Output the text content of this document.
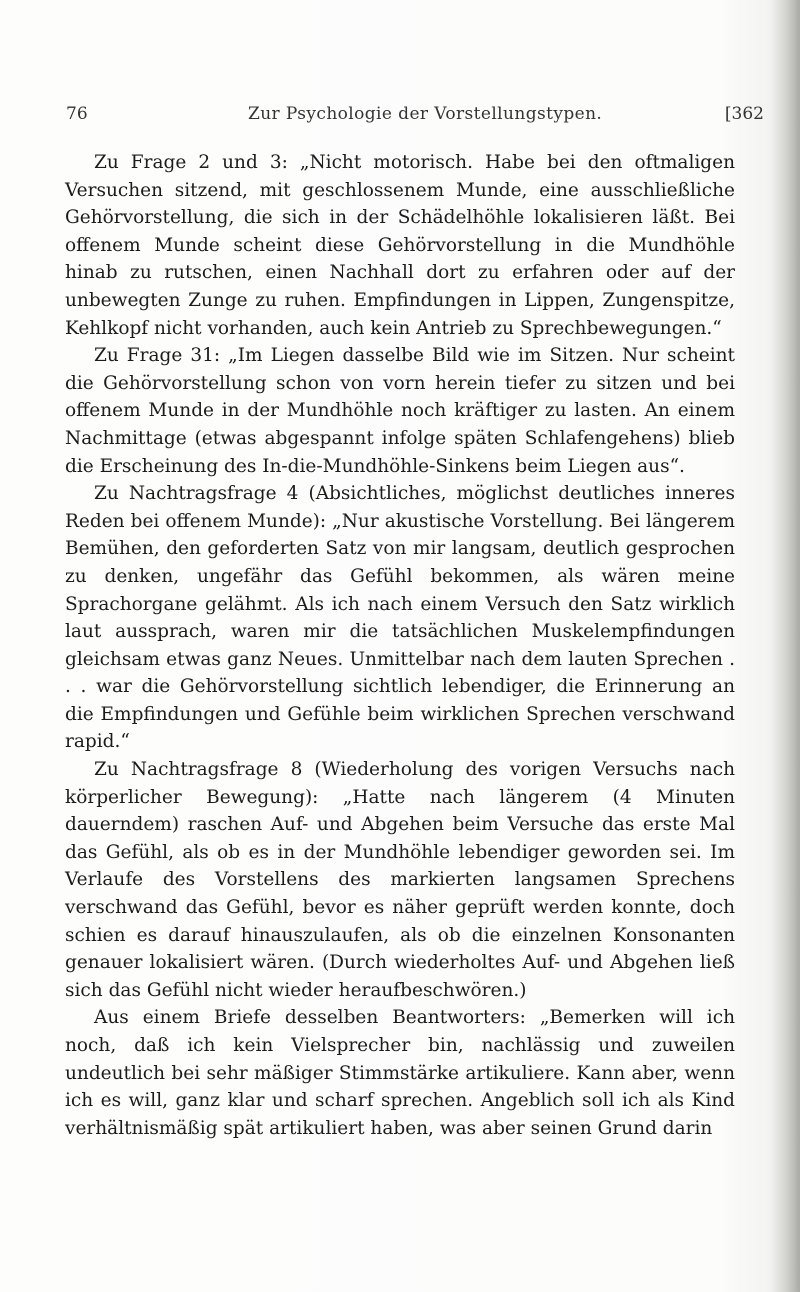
76	Zur Psychologie der Vorstellungstypen.	[362

Zu Frage 2 und 3: „Nicht motorisch. Habe bei den oftmaligen Versuchen sitzend, mit geschlossenem Munde, eine ausschließliche Gehörvorstellung, die sich in der Schädelhöhle lokalisieren läßt. Bei offenem Munde scheint diese Gehörvorstellung in die Mundhöhle hinab zu rutschen, einen Nachhall dort zu erfahren oder auf der unbewegten Zunge zu ruhen. Empfindungen in Lippen, Zungenspitze, Kehlkopf nicht vorhanden, auch kein Antrieb zu Sprechbewegungen.“

Zu Frage 31: „Im Liegen dasselbe Bild wie im Sitzen. Nur scheint die Gehörvorstellung schon von vorn herein tiefer zu sitzen und bei offenem Munde in der Mundhöhle noch kräftiger zu lasten. An einem Nachmittage (etwas abgespannt infolge späten Schlafengehens) blieb die Erscheinung des In-die-Mundhöhle-Sinkens beim Liegen aus“.

Zu Nachtragsfrage 4 (Absichtliches, möglichst deutliches inneres Reden bei offenem Munde): „Nur akustische Vorstellung. Bei längerem Bemühen, den geforderten Satz von mir langsam, deutlich gesprochen zu denken, ungefähr das Gefühl bekommen, als wären meine Sprachorgane gelähmt. Als ich nach einem Versuch den Satz wirklich laut aussprach, waren mir die tatsächlichen Muskelempfindungen gleichsam etwas ganz Neues. Unmittelbar nach dem lauten Sprechen . . . war die Gehörvorstellung sichtlich lebendiger, die Erinnerung an die Empfindungen und Gefühle beim wirklichen Sprechen verschwand rapid.“

Zu Nachtragsfrage 8 (Wiederholung des vorigen Versuchs nach körperlicher Bewegung): „Hatte nach längerem (4 Minuten dauerndem) raschen Auf- und Abgehen beim Versuche das erste Mal das Gefühl, als ob es in der Mundhöhle lebendiger geworden sei. Im Verlaufe des Vorstellens des markierten langsamen Sprechens verschwand das Gefühl, bevor es näher geprüft werden konnte, doch schien es darauf hinauszulaufen, als ob die einzelnen Konsonanten genauer lokalisiert wären. (Durch wiederholtes Auf- und Abgehen ließ sich das Gefühl nicht wieder heraufbeschwören.)

Aus einem Briefe desselben Beantworters: „Bemerken will ich noch, daß ich kein Vielsprecher bin, nachlässig und zuweilen undeutlich bei sehr mäßiger Stimmstärke artikuliere. Kann aber, wenn ich es will, ganz klar und scharf sprechen. Angeblich soll ich als Kind verhältnismäßig spät artikuliert haben, was aber seinen Grund darin
